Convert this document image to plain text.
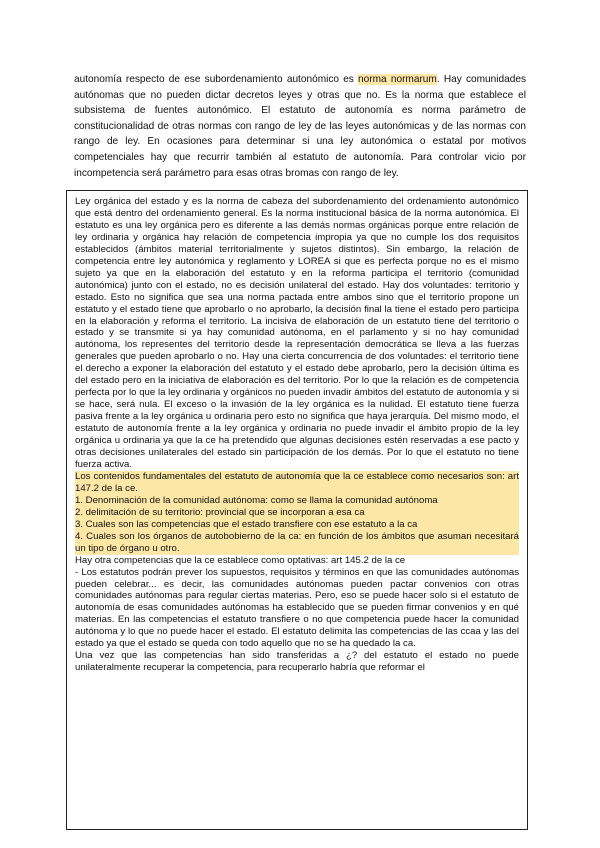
autonomía respecto de ese subordenamiento autonómico es norma normarum. Hay comunidades autónomas que no pueden dictar decretos leyes y otras que no. Es la norma que establece el subsistema de fuentes autonómico. El estatuto de autonomía es norma parámetro de constitucionalidad de otras normas con rango de ley de las leyes autonómicas y de las normas con rango de ley. En ocasiones para determinar si una ley autonómica o estatal por motivos competenciales hay que recurrir también al estatuto de autonomía. Para controlar vicio por incompetencia será parámetro para esas otras bromas con rango de ley.

Ley orgánica del estado y es la norma de cabeza del subordenamiento del ordenamiento autonómico que está dentro del ordenamiento general. Es la norma institucional básica de la norma autonómica. El estatuto es una ley orgánica pero es diferente a las demás normas orgánicas porque entre relación de ley ordinaria y orgánica hay relación de competencia impropia ya que no cumple los dos requisitos establecidos (ámbitos material territorialmente y sujetos distintos). Sin embargo, la relación de competencia entre ley autonómica y reglamento y LOREA si que es perfecta porque no es el mismo sujeto ya que en la elaboración del estatuto y en la reforma participa el territorio (comunidad autonómica) junto con el estado, no es decisión unilateral del estado. Hay dos voluntades: territorio y estado. Esto no significa que sea una norma pactada entre ambos sino que el territorio propone un estatuto y el estado tiene que aprobarlo o no aprobarlo, la decisión final la tiene el estado pero participa en la elaboración y reforma el territorio. La incisiva de elaboración de un estatuto tiene del territorio o estado y se transmite si ya hay comunidad autónoma, en el parlamento y si no hay comunidad autónoma, los representes del territorio desde la representación democrática se lleva a las fuerzas generales que pueden aprobarlo o no. Hay una cierta concurrencia de dos voluntades: el territorio tiene el derecho a exponer la elaboración del estatuto y el estado debe aprobarlo, pero la decisión última es del estado pero en la iniciativa de elaboración es del territorio. Por lo que la relación es de competencia perfecta por lo que la ley ordinaria y orgánicos no pueden invadir ámbitos del estatuto de autonomía y si se hace, será nula. El exceso o la invasión de la ley orgánica es la nulidad. El estatuto tiene fuerza pasiva frente a la ley orgánica u ordinaria pero esto no significa que haya jerarquía. Del mismo modo, el estatuto de autonomía frente a la ley orgánica y ordinaria no puede invadir el ámbito propio de la ley orgánica u ordinaria ya que la ce ha pretendido que algunas decisiones estén reservadas a ese pacto y otras decisiones unilaterales del estado sin participación de los demás. Por lo que el estatuto no tiene fuerza activa.

Los contenidos fundamentales del estatuto de autonomía que la ce establece como necesarios son: art 147.2 de la ce.

1. Denominación de la comunidad autónoma: como se llama la comunidad autónoma

2. delimitación de su territorio: provincial que se incorporan a esa ca

3. Cuales son las competencias que el estado transfiere con ese estatuto a la ca

4. Cuales son los órganos de autobobierno de la ca: en función de los ámbitos que asuman necesitará un tipo de órgano u otro.

Hay otra competencias que la ce establece como optativas: art 145.2 de la ce

- Los estatutos podrán prever los supuestos, requisitos y términos en que las comunidades autónomas pueden celebrar... es decir, las comunidades autónomas pueden pactar convenios con otras comunidades autónomas para regular ciertas materias. Pero, eso se puede hacer solo si el estatuto de autonomía de esas comunidades autónomas ha establecido que se pueden firmar convenios y en qué materias. En las competencias el estatuto transfiere o no que competencia puede hacer la comunidad autónoma y lo que no puede hacer el estado. El estatuto delimita las competencias de las ccaa y las del estado ya que el estado se queda con todo aquello que no se ha quedado la ca.

Una vez que las competencias han sido transferidas a ¿? del estatuto el estado no puede unilateralmente recuperar la competencia, para recuperarlo habría que reformar el
